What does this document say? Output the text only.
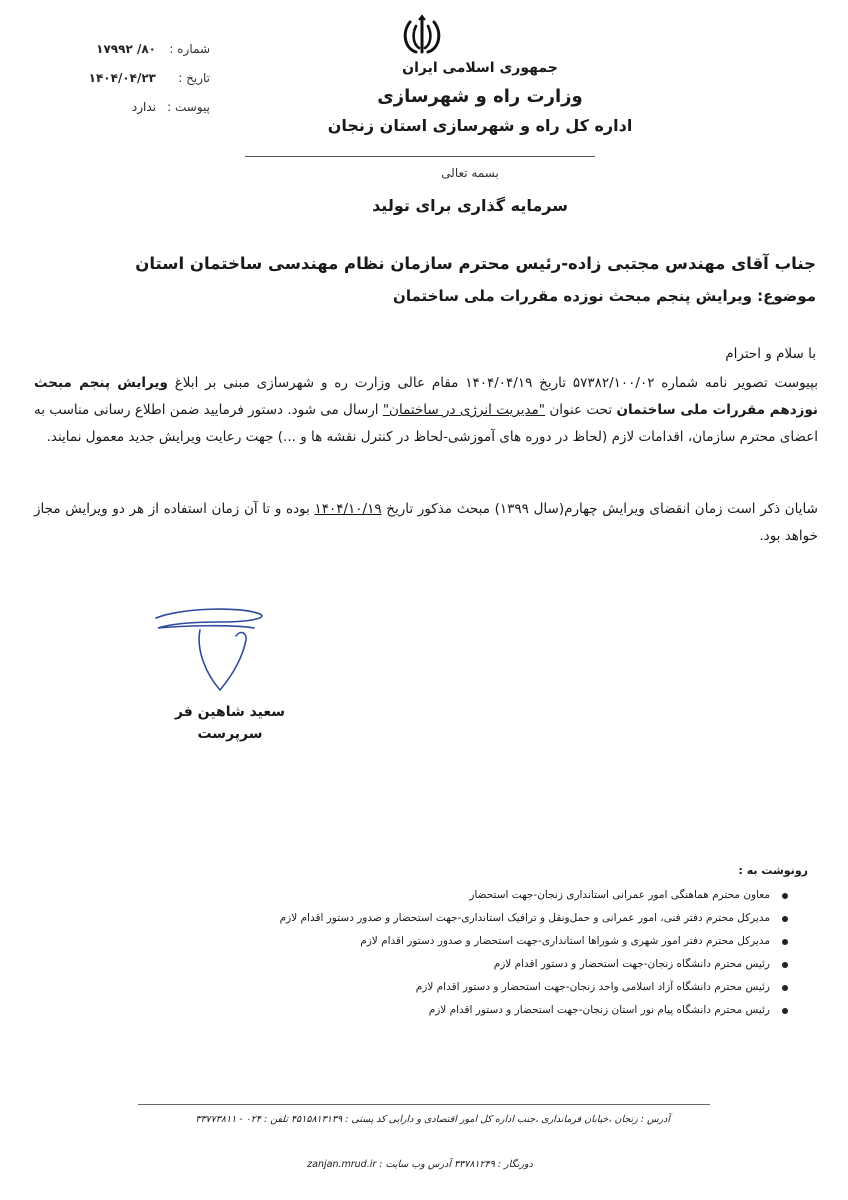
شماره :
۸۰/ ۱۷۹۹۲
تاریخ :
۱۴۰۴/۰۴/۲۳
پیوست :
ندارد
جمهوری اسلامی ایران
وزارت راه و شهرسازی
اداره کل راه و شهرسازی استان زنجان
بسمه تعالی
سرمایه گذاری برای تولید
جناب آقای مهندس مجتبی زاده-رئیس محترم سازمان نظام مهندسی ساختمان استان
موضوع: ویرایش پنجم مبحث نوزده مقررات ملی ساختمان
با سلام و احترام
بپیوست تصویر نامه شماره ۵۷۳۸۲/۱۰۰/۰۲ تاریخ ۱۴۰۴/۰۴/۱۹ مقام عالی وزارت ره و شهرسازی مبنی بر ابلاغ ویرایش پنجم مبحث نوزدهم مقررات ملی ساختمان تحت عنوان "مدیریت انرژی در ساختمان" ارسال می شود. دستور فرمایید ضمن اطلاع رسانی مناسب به اعضای محترم سازمان، اقدامات لازم (لحاظ در دوره های آموزشی-لحاظ در کنترل نقشه ها و ...) جهت رعایت ویرایش جدید معمول نمایند.
شایان ذکر است زمان انقضای ویرایش چهارم(سال ۱۳۹۹) مبحث مذکور تاریخ ۱۴۰۴/۱۰/۱۹ بوده و تا آن زمان استفاده از هر دو ویرایش مجاز خواهد بود.
سعید شاهین فر
سرپرست
رونوشت به :
معاون محترم هماهنگی امور عمرانی استانداری زنجان-جهت استحضار
مدیرکل محترم دفتر فنی، امور عمرانی و حمل‌ونقل و ترافیک استانداری-جهت استحضار و صدور دستور اقدام لازم
مدیرکل محترم دفتر امور شهری و شوراها استانداری-جهت استحضار و صدور دستور اقدام لازم
رئیس محترم دانشگاه زنجان-جهت استحضار و دستور اقدام لازم
رئیس محترم دانشگاه آزاد اسلامی واحد زنجان-جهت استحضار و دستور اقدام لازم
رئیس محترم دانشگاه پیام نور استان زنجان-جهت استحضار و دستور اقدام لازم
آدرس : زنجان ،خیابان فرمانداری ،جنب اداره کل امور اقتصادی و دارایی کد پستی : ۴۵۱۵۸۱۳۱۳۹ تلفن : ۰۲۴ - ۳۳۷۷۳۸۱۱
دورنگار : ۳۳۷۸۱۲۴۹ آدرس وب سایت : zanjan.mrud.ir
